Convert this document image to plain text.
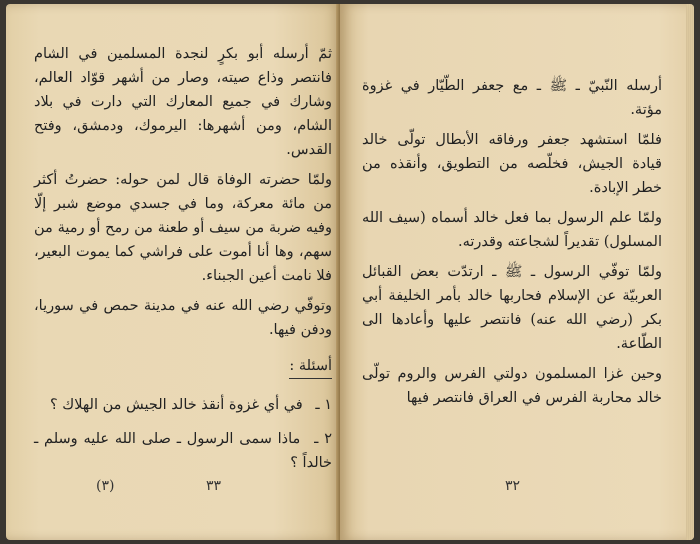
ثمّ أرسله أبو بكرٍ لنجدة المسلمين في الشام فانتصر وذاع صيته، وصار من أشهر قوّاد العالم، وشارك في جميع المعارك التي دارت في بلاد الشام، ومن أشهرها: اليرموك، ودمشق، وفتح القدس.

ولمّا حضرته الوفاة قال لمن حوله: حضرتُ أكثر من مائة معركة، وما في جسدي موضع شبر إلّا وفيه ضربة من سيف أو طعنة من رمح أو رمية من سهم، وها أنا أموت على فراشي كما يموت البعير، فلا نامت أعين الجبناء.

وتوفّي رضي الله عنه في مدينة حمص في سوريا، ودفن فيها.

أسئلة :
١ ـ في أي غزوة أنقذ خالد الجيش من الهلاك ؟
٢ ـ ماذا سمى الرسول ـ صلى الله عليه وسلم ـ خالداً ؟
(٣)	٣٣

أرسله النّبيّ ـ ﷺ ـ مع جعفر الطّيّار في غزوة مؤتة.

فلمّا استشهد جعفر ورفاقه الأبطال تولّى خالد قيادة الجيش، فخلّصه من التطويق، وأنقذه من خطر الإبادة.

ولمّا علم الرسول بما فعل خالد أسماه (سيف الله المسلول) تقديراً لشجاعته وقدرته.

ولمّا توفّي الرسول ـ ﷺ ـ ارتدّت بعض القبائل العربيّة عن الإسلام فحاربها خالد بأمر الخليفة أبي بكر (رضي الله عنه) فانتصر عليها وأعادها الى الطّاعة.

وحين غزا المسلمون دولتي الفرس والروم تولّى خالد محاربة الفرس في العراق فانتصر فيها

٣٢
